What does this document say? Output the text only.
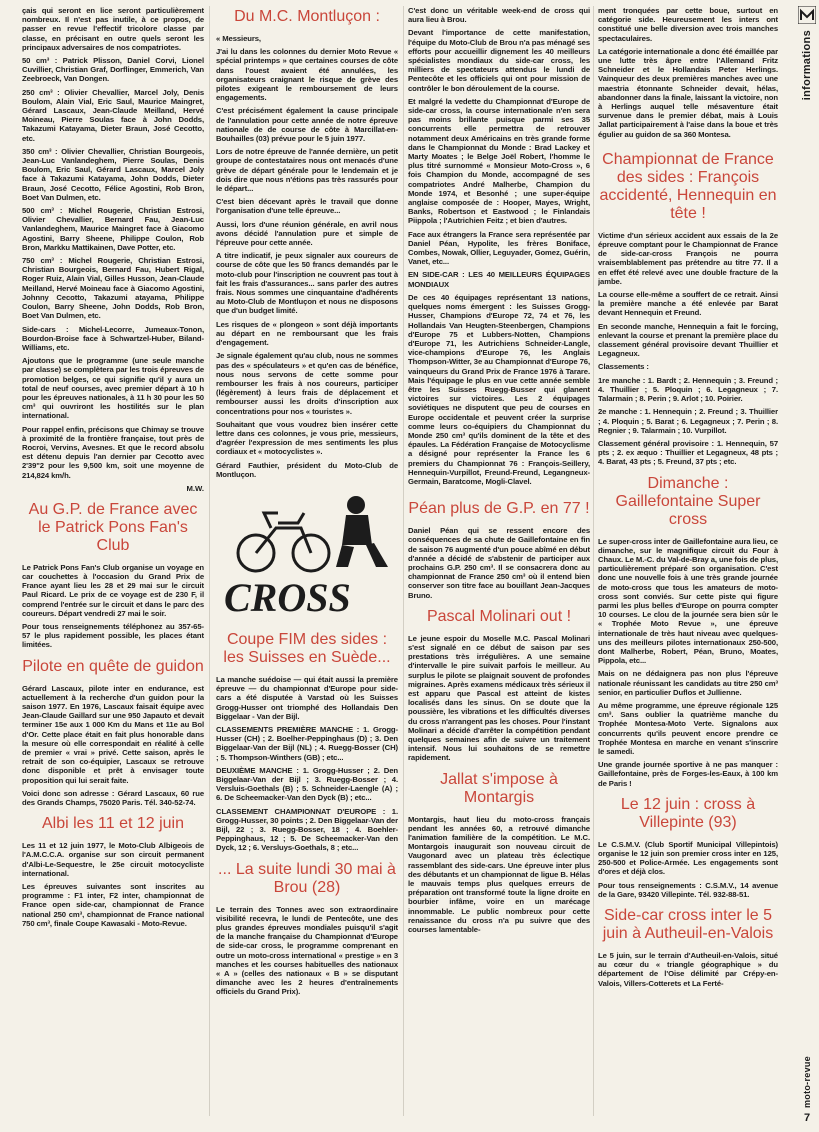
çais qui seront en lice seront particulièrement nombreux. Il n'est pas inutile, à ce propos, de passer en revue l'effectif tricolore classe par classe, en précisant en outre quels seront les principaux adversaires de nos compatriotes.

50 cm³ : Patrick Plisson, Daniel Corvi, Lionel Cuvillier, Christian Graf, Dorflinger, Emmerich, Van Zeebroeck, Van Dongen.

250 cm³ : Olivier Chevallier, Marcel Joly, Denis Boulom, Alain Vial, Eric Saul, Maurice Maingret, Gérard Lascaux, Jean-Claude Meilland, Hervé Moineau, Pierre Soulas face à John Dodds, Takazumi Katayama, Dieter Braun, José Cecotto, etc.

350 cm³ : Olivier Chevallier, Christian Bourgeois, Jean-Luc Vanlandeghem, Pierre Soulas, Denis Boulom, Eric Saul, Gérard Lascaux, Marcel Joly face à Takazumi Katayama, John Dodds, Dieter Braun, José Cecotto, Félice Agostini, Rob Bron, Boet Van Dulmen, etc.

500 cm³ : Michel Rougerie, Christian Estrosi, Olivier Chevallier, Bernard Fau, Jean-Luc Vanlandeghem, Maurice Maingret face à Giacomo Agostini, Barry Sheene, Philippe Coulon, Rob Bron, Markku Mattikainen, Dave Potter, etc.

750 cm³ : Michel Rougerie, Christian Estrosi, Christian Bourgeois, Bernard Fau, Hubert Rigal, Roger Ruiz, Alain Vial, Gilles Husson, Jean-Claude Meilland, Hervé Moineau face à Giacomo Agostini, Johnny Cecotto, Takazumi atayama, Philippe Coulon, Barry Sheene, John Dodds, Rob Bron, Boet Van Dulmen, etc.

Side-cars : Michel-Lecorre, Jumeaux-Tonon, Bourdon-Broise face à Schwartzel-Huber, Biland-Williams, etc.

Ajoutons que le programme (une seule manche par classe) se complètera par les trois épreuves de promotion belges, ce qui signifie qu'il y aura un total de neuf courses, avec premier départ à 10 h pour les épreuves nationales, à 11 h 30 pour les 50 cm³ qui ouvriront les hostilités sur le plan international.

Pour rappel enfin, précisons que Chimay se trouve à proximité de la frontière française, tout près de Rocroi, Vervins, Avesnes. Et que le record absolu est détenu depuis l'an dernier par Cecotto avec 2'39"2 pour les 9,500 km, soit une moyenne de 214,824 km/h.

M.W.
Au G.P. de France avec le Patrick Pons Fan's Club

Le Patrick Pons Fan's Club organise un voyage en car couchettes à l'occasion du Grand Prix de France ayant lieu les 28 et 29 mai sur le circuit Paul Ricard. Le prix de ce voyage est de 230 F, il comprend l'entrée sur le circuit et dans le parc des coureurs. Départ vendredi 27 mai le soir.

Pour tous renseignements téléphonez au 357-65-57 le plus rapidement possible, les places étant limitées.

Pilote en quête de guidon

Gérard Lascaux, pilote inter en endurance, est actuellement à la recherche d'un guidon pour la saison 1977. En 1976, Lascaux faisait équipe avec Jean-Claude Gaillard sur une 950 Japauto et devait terminer 15e aux 1 000 Km du Mans et 11e au Bol d'Or. Cette place était en fait plus honorable dans la mesure où elle correspondait en réalité à celle de premier « vrai » privé. Cette saison, après le retrait de son co-équipier, Lascaux se retrouve donc disponible et prêt à envisager toute proposition qui lui serait faite.

Voici donc son adresse : Gérard Lascaux, 60 rue des Grands Champs, 75020 Paris. Tél. 340-52-74.

Albi les 11 et 12 juin

Les 11 et 12 juin 1977, le Moto-Club Albigeois de l'A.M.C.C.A. organise sur son circuit permanent d'Albi-Le-Sequestre, le 25e circuit motocycliste international.

Les épreuves suivantes sont inscrites au programme : F1 inter, F2 inter, championnat de France open side-car, championnat de France national 250 cm³, championnat de France national 750 cm³, finale Coupe Kawasaki - Moto-Revue.

Du M.C. Montluçon :

« Messieurs,

J'ai lu dans les colonnes du dernier Moto Revue « spécial printemps » que certaines courses de côte dans l'ouest avaient été annulées, les organisateurs craignant le risque de grève des pilotes exigeant le remboursement de leurs engagements.

C'est précisément également la cause principale de l'annulation pour cette année de notre épreuve nationale de de course de côte à Marcillat-en-Bouhailles (03) prévue pour le 5 juin 1977.

Lors de notre épreuve de l'année dernière, un petit groupe de contestataires nous ont menacés d'une grève de départ générale pour le lendemain et je dois dire que nous n'étions pas très rassurés pour le départ...

C'est bien décevant après le travail que donne l'organisation d'une telle épreuve...

Aussi, lors d'une réunion générale, en avril nous avons décidé l'annulation pure et simple de l'épreuve pour cette année.

A titre indicatif, je peux signaler aux coureurs de course de côte que les 50 francs demandés par le moto-club pour l'inscription ne couvrent pas tout à fait les frais d'assurances... sans parler des autres frais. Nous sommes une cinquantaine d'adhérents au Moto-Club de Montluçon et nous ne disposons que d'un budget limité.

Les risques de « plongeon » sont déjà importants au départ en ne remboursant que les frais d'engagement.

Je signale également qu'au club, nous ne sommes pas des « spéculateurs » et qu'en cas de bénéfice, nous nous servons de cette somme pour rembourser les frais à nos coureurs, participer (légèrement) à leurs frais de déplacement et rembourser aussi les droits d'inscription aux concentrations pour nos « touristes ».

Souhaitant que vous voudrez bien insérer cette lettre dans ces colonnes, je vous prie, messieurs, d'agréer l'expression de mes sentiments les plus cordiaux et « motocyclistes ».

Gérard Fauthier, président du Moto-Club de Montluçon.

CROSS
Coupe FIM des sides : les Suisses en Suède...

La manche suédoise — qui était aussi la première épreuve — du championnat d'Europe pour side-cars a été disputée à Varstad où les Suisses Grogg-Husser ont triomphé des Hollandais Den Biggelaar - Van der Bijl.

CLASSEMENTS PREMIÈRE MANCHE : 1. Grogg-Husser (CH) ; 2. Boelher-Peppinghaus (D) ; 3. Den Biggelaar-Van der Bijl (NL) ; 4. Ruegg-Bosser (CH) ; 5. Thompson-Winthers (GB) ; etc...

DEUXIÈME MANCHE : 1. Grogg-Husser ; 2. Den Biggelaar-Van der Bijl ; 3. Ruegg-Bosser ; 4. Versluis-Goethals (B) ; 5. Schneider-Laengle (A) ; 6. De Scheemacker-Van den Dyck (B) ; etc...

CLASSEMENT CHAMPIONNAT D'EUROPE : 1. Grogg-Husser, 30 points ; 2. Den Biggelaar-Van der Bijl, 22 ; 3. Ruegg-Bosser, 18 ; 4. Boehler-Peppinghaus, 12 ; 5. De Scheemacker-Van den Dyck, 12 ; 6. Versluys-Goethals, 8 ; etc...

... La suite lundi 30 mai à Brou (28)

Le terrain des Tonnes avec son extraordinaire visibilité recevra, le lundi de Pentecôte, une des plus grandes épreuves mondiales puisqu'il s'agit de la manche française du Championnat d'Europe de side-car cross, le programme comprenant en outre un moto-cross international « prestige » en 3 manches et les courses habituelles des nationaux « A » (celles des nationaux « B » se disputant dimanche avec les 2 heures d'entraînements officiels du Grand Prix).

C'est donc un véritable week-end de cross qui aura lieu à Brou.

Devant l'importance de cette manifestation, l'équipe du Moto-Club de Brou n'a pas ménagé ses efforts pour accueillir dignement les 40 meilleurs spécialistes mondiaux du side-car cross, les milliers de spectateurs attendus le lundi de Pentecôte et les officiels qui ont pour mission de contrôler le bon déroulement de la course.

Et malgré la vedette du Championnat d'Europe de side-car cross, la course internationale n'en sera pas moins brillante puisque parmi ses 35 concurrents elle permettra de retrouver notamment deux Américains en très grande forme dans le Championnat du Monde : Brad Lackey et Marty Moates ; le Belge Joël Robert, l'homme le plus titré surnommé « Monsieur Moto-Cross », 6 fois Champion du Monde, accompagné de ses compatriotes André Malherbe, Champion du Monde 1974, et Besonhé ; une super-équipe anglaise composée de : Hooper, Mayes, Wright, Banks, Robertson et Eastwood ; le Finlandais Piippola ; l'Autrichien Feitz ; et bien d'autres.

Face aux étrangers la France sera représentée par Daniel Péan, Hypolite, les frères Boniface, Combes, Nowak, Ollier, Leguyader, Gomez, Guérin, Vanet, etc...

EN SIDE-CAR : LES 40 MEILLEURS ÉQUIPAGES MONDIAUX

De ces 40 équipages représentant 13 nations, quelques noms émergent : les Suisses Grogg-Husser, Champions d'Europe 72, 74 et 76, les Hollandais Van Heugten-Steenbergen, Champions d'Europe 75 et Lubbers-Notten, Champions d'Europe 71, les Autrichiens Schneider-Langle, vice-champions d'Europe 76, les Anglais Thompson-Witter, 3e au Championnat d'Europe 76, vainqueurs du Grand Prix de France 1976 à Tarare. Mais l'équipage le plus en vue cette année semble être les Suisses Ruegg-Busser qui glanent victoires sur victoires. Les 2 équipages soviétiques ne disputent que peu de courses en Europe occidentale et peuvent créer la surprise comme leurs co-équipiers du Championnat du Monde 250 cm³ qu'ils dominent de la tête et des épaules. La Fédération Française de Motocyclisme a désigné pour représenter la France les 6 premiers du Championnat 76 : François-Seillery, Hennequin-Vurpillot, Freund-Freund, Legangneux-Germain, Baratcome, Mogli-Clavel.

Péan plus de G.P. en 77 !

Daniel Péan qui se ressent encore des conséquences de sa chute de Gaillefontaine en fin de saison 76 augmenté d'un pouce abîmé en début d'année a décidé de s'abstenir de participer aux prochains G.P. 250 cm³. Il se consacrera donc au championnat de France 250 cm³ où il entend bien conserver son titre face au bouillant Jean-Jacques Bruno.

Pascal Molinari out !

Le jeune espoir du Moselle M.C. Pascal Molinari s'est signalé en ce début de saison par ses prestations très irrégulières. A une semaine d'intervalle le pire suivait parfois le meilleur. Au surplus le pilote se plaignait souvent de profondes migraines. Après examens médicaux très sérieux il est apparu que Pascal est atteint de kistes localisés dans les sinus. On se doute que la poussière, les vibrations et les difficultés diverses du cross n'arrangent pas les choses. Pour l'instant Molinari a décidé d'arrêter la compétition pendant quelques semaines afin de suivre un traitement intensif. Nous lui souhaitons de se remettre rapidement.

Jallat s'impose à Montargis

Montargis, haut lieu du moto-cross français pendant les années 60, a retrouvé dimanche l'animation familière de la compétition. Le M.C. Montargois inaugurait son nouveau circuit de Vaugonard avec un plateau très éclectique rassemblant des side-cars. Une épreuve inter plus des débutants et un championnat de ligue B. Hélas le mauvais temps plus quelques erreurs de préparation ont transformé toute la ligne droite en bourbier infâme, voire en un marécage innommable. Le public nombreux pour cette renaissance du cross n'a pu suivre que des courses lamentable-

ment tronquées par cette boue, surtout en catégorie side. Heureusement les inters ont constitué une belle diversion avec trois manches spectaculaires.

La catégorie internationale a donc été émaillée par une lutte très âpre entre l'Allemand Fritz Schneider et le Hollandais Peter Herlings. Vainqueur des deux premières manches avec une maestria étonnante Schneider devait, hélas, abandonner dans la finale, laissant la victoire, non à Herlings auquel telle mésaventure était survenue dans le premier débat, mais à Louis Jallat participairement à l'aise dans la boue et très égulier au guidon de sa 360 Montesa.

Championnat de France des sides : François accidenté, Hennequin en tête !

Victime d'un sérieux accident aux essais de la 2e épreuve comptant pour le Championnat de France de side-car-cross François ne pourra vraisemblablement pas prétendre au titre 77. Il a en effet été relevé avec une double fracture de la jambe.

La course elle-même a souffert de ce retrait. Ainsi la première manche a été enlevée par Barat devant Hennequin et Freund.

En seconde manche, Hennequin a fait le forcing, enlevant la course et prenant la première place du classement général provisoire devant Thuillier et Legagneux.

Classements :

1re manche : 1. Bardt ; 2. Hennequin ; 3. Freund ; 4. Thuillier ; 5. Ploquin ; 6. Legagneux ; 7. Talarmain ; 8. Perin ; 9. Arlot ; 10. Poirier.

2e manche : 1. Hennequin ; 2. Freund ; 3. Thuillier ; 4. Ploquin ; 5. Barat ; 6. Legagneux ; 7. Perin ; 8. Regnier ; 9. Talarmain ; 10. Vurpillot.

Classement général provisoire : 1. Hennequin, 57 pts ; 2. ex æquo : Thuillier et Legagneux, 48 pts ; 4. Barat, 43 pts ; 5. Freund, 37 pts ; etc.

Dimanche : Gaillefontaine Super cross

Le super-cross inter de Gaillefontaine aura lieu, ce dimanche, sur le magnifique circuit du Four à Chaux. Le M.-C. du Val-de-Bray a, une fois de plus, particulièrement préparé son organisation. C'est donc une nouvelle fois à une très grande journée de moto-cross que tous les amateurs de moto-cross sont conviés. Sur cette piste qui figure parmi les plus belles d'Europe on pourra compter 10 courses. Le clou de la journée sera bien sûr le « Trophée Moto Revue », une épreuve internationale de très haut niveau avec quelques-uns des meilleurs pilotes internationaux 250-500, dont Malherbe, Robert, Péan, Bruno, Moates, Pippola, etc...

Mais on ne dédaignera pas non plus l'épreuve nationale réunissant les candidats au titre 250 cm³ senior, en particulier Duflos et Jullienne.

Au même programme, une épreuve régionale 125 cm³. Sans oublier la quatrième manche du Trophée Montesa-Moto Verte. Signalons aux concurrents qu'ils peuvent encore prendre ce Trophée Montesa en marche en venant s'inscrire le samedi.

Une grande journée sportive à ne pas manquer : Gaillefontaine, près de Forges-les-Eaux, à 100 km de Paris !

Le 12 juin : cross à Villepinte (93)

Le C.S.M.V. (Club Sportif Municipal Villepintois) organise le 12 juin son premier cross inter en 125, 250-500 et Police-Armée. Les engagements sont d'ores et déjà clos.

Pour tous renseignements : C.S.M.V., 14 avenue de la Gare, 93420 Villepinte. Tél. 932-88-51.

Side-car cross inter le 5 juin à Autheuil-en-Valois

Le 5 juin, sur le terrain d'Autheuil-en-Valois, situé au cœur du « triangle géographique » du département de l'Oise délimité par Crépy-en-Valois, Villers-Cotterets et La Ferté-

informations
moto-revue
7
